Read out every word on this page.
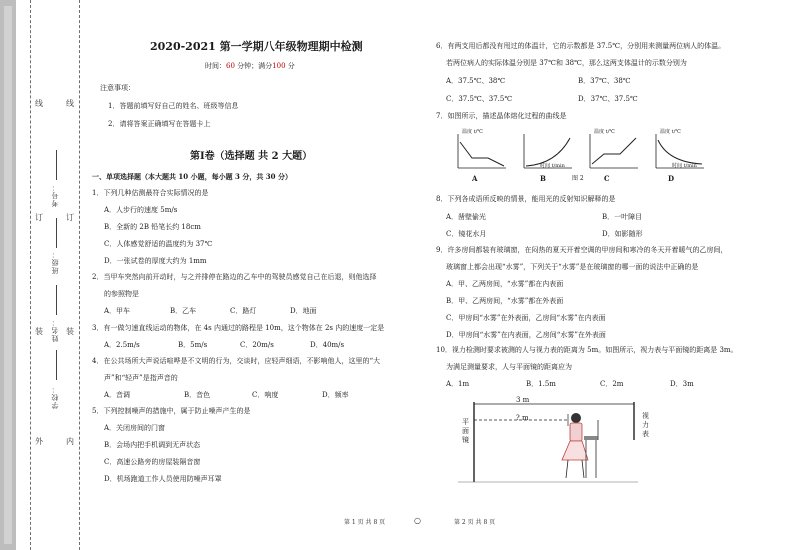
线
订
装
外
线
订
装
内
学校：
姓名：
班级：
考号：
2020-2021 第一学期八年级物理期中检测
时间：60 分钟；满分100 分
注意事项：
1．答题前填写好自己的姓名、班级等信息
2．请将答案正确填写在答题卡上
第Ⅰ卷（选择题 共 2 大题）
一、单项选择题（本大题共 10 小题，每小题 3 分，共 30 分）
1．下列几种估测最符合实际情况的是
A．人步行的速度 5m/s
B．全新的 2B 铅笔长约 18cm
C．人体感觉舒适的温度约为 37℃
D．一张试卷的厚度大约为 1mm
2．当甲车突然向前开动时，与之并排停在路边的乙车中的驾驶员感觉自己在后退，则他选择
的参照物是
A．甲车	B．乙车	C．路灯	D．地面
3．有一做匀速直线运动的物体，在 4s 内通过的路程是 10m，这个物体在 2s 内的速度一定是
A．2.5m/s	B．5m/s	C．20m/s	D．40m/s
4．在公共场所大声说话喧哗是不文明的行为，交谈时，应轻声细语，不影响他人，这里的“大
声”和“轻声”是指声音的
A．音调	B．音色	C．响度	D．频率
5．下列控制噪声的措施中，属于防止噪声产生的是
A．关闭房间的门窗
B．会场内把手机调到无声状态
C．高速公路旁的房屋装隔音窗
D．机场跑道工作人员使用防噪声耳罩
第 1 页 共 8 页	○
6．有两支用后都没有甩过的体温计，它的示数都是 37.5℃，分别用来测量两位病人的体温。
若两位病人的实际体温分别是 37℃和 38℃，那么这两支体温计的示数分别为
A．37.5℃、38℃	B．37℃、38℃
C．37.5℃、37.5℃	D．37℃、37.5℃
7．如图所示，描述晶体熔化过程的曲线是
温度 t/℃
时间 t/min
温度 t/℃	温度 t/℃
时间 t/min
A	B	图 2	C	D
8．下列各成语所反映的情景，能用光的反射知识解释的是
A．凿壁偷光	B．一叶障目
C．镜花水月	D．如影随形
9．许多房间都装有玻璃窗，在闷热的夏天开着空调的甲房间和寒冷的冬天开着暖气的乙房间，
玻璃窗上都会出现“水雾”，下列关于“水雾”是在玻璃窗的哪一面的说法中正确的是
A．甲、乙两房间，“水雾”都在内表面
B．甲、乙两房间，“水雾”都在外表面
C．甲房间“水雾”在外表面，乙房间“水雾”在内表面
D．甲房间“水雾”在内表面，乙房间“水雾”在外表面
10．视力检测时要求被测的人与视力表的距离为 5m。如图所示，视力表与平面镜的距离是 3m。
为满足测量要求，人与平面镜的距离应为
A．1m	B．1.5m	C．2m	D．3m
3 m
? m
平面镜
视力表
第 2 页 共 8 页
